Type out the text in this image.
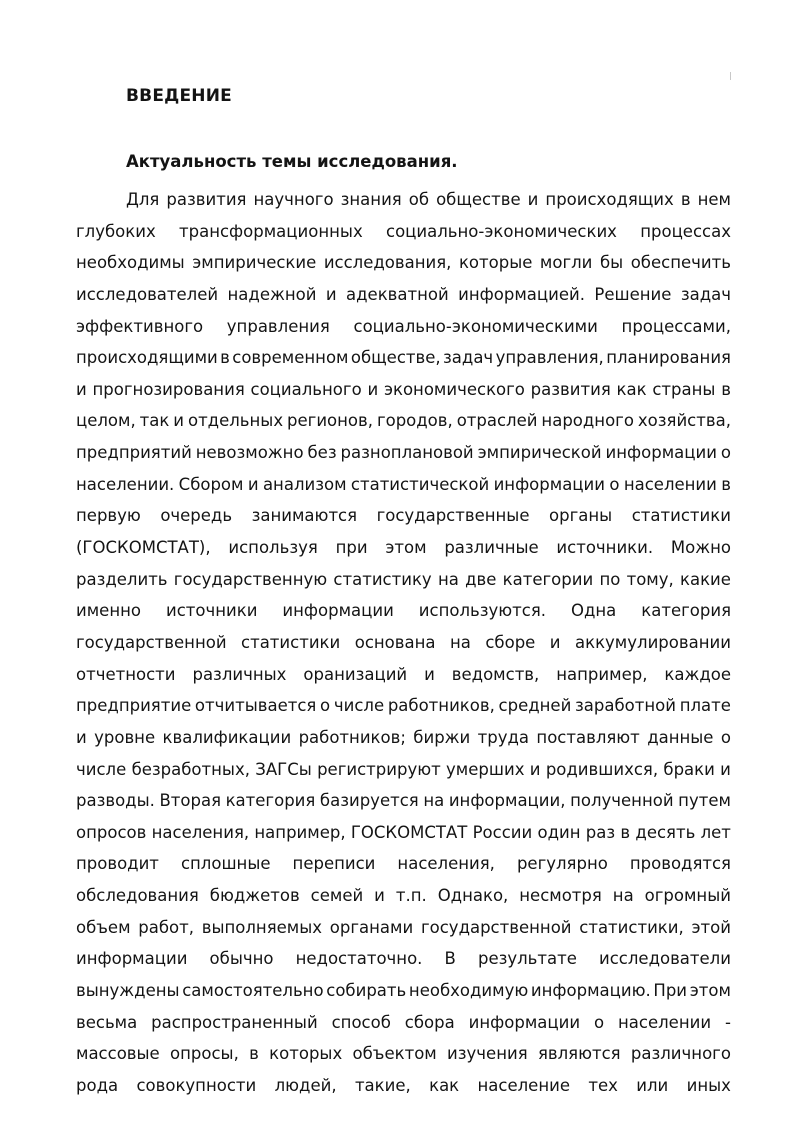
ВВЕДЕНИЕ
Актуальность темы исследования.
Для развития научного знания об обществе и происходящих в нем
глубоких трансформационных социально-экономических процессах
необходимы эмпирические исследования, которые могли бы обеспечить
исследователей надежной и адекватной информацией. Решение задач
эффективного управления социально-экономическими процессами,
происходящими в современном обществе, задач управления, планирования
и прогнозирования социального и экономического развития как страны в
целом, так и отдельных регионов, городов, отраслей народного хозяйства,
предприятий невозможно без разноплановой эмпирической информации о
населении. Сбором и анализом статистической информации о населении в
первую очередь занимаются государственные органы статистики
(ГОСКОМСТАТ), используя при этом различные источники. Можно
разделить государственную статистику на две категории по тому, какие
именно источники информации используются. Одна категория
государственной статистики основана на сборе и аккумулировании
отчетности различных оранизаций и ведомств, например, каждое
предприятие отчитывается о числе работников, средней заработной плате
и уровне квалификации работников; биржи труда поставляют данные о
числе безработных, ЗАГСы регистрируют умерших и родившихся, браки и
разводы. Вторая категория базируется на информации, полученной путем
опросов населения, например, ГОСКОМСТАТ России один раз в десять лет
проводит сплошные переписи населения, регулярно проводятся
обследования бюджетов семей и т.п. Однако, несмотря на огромный
объем работ, выполняемых органами государственной статистики, этой
информации обычно недостаточно. В результате исследователи
вынуждены самостоятельно собирать необходимую информацию. При этом
весьма распространенный способ сбора информации о населении -
массовые опросы, в которых объектом изучения являются различного
рода совокупности людей, такие, как население тех или иных
